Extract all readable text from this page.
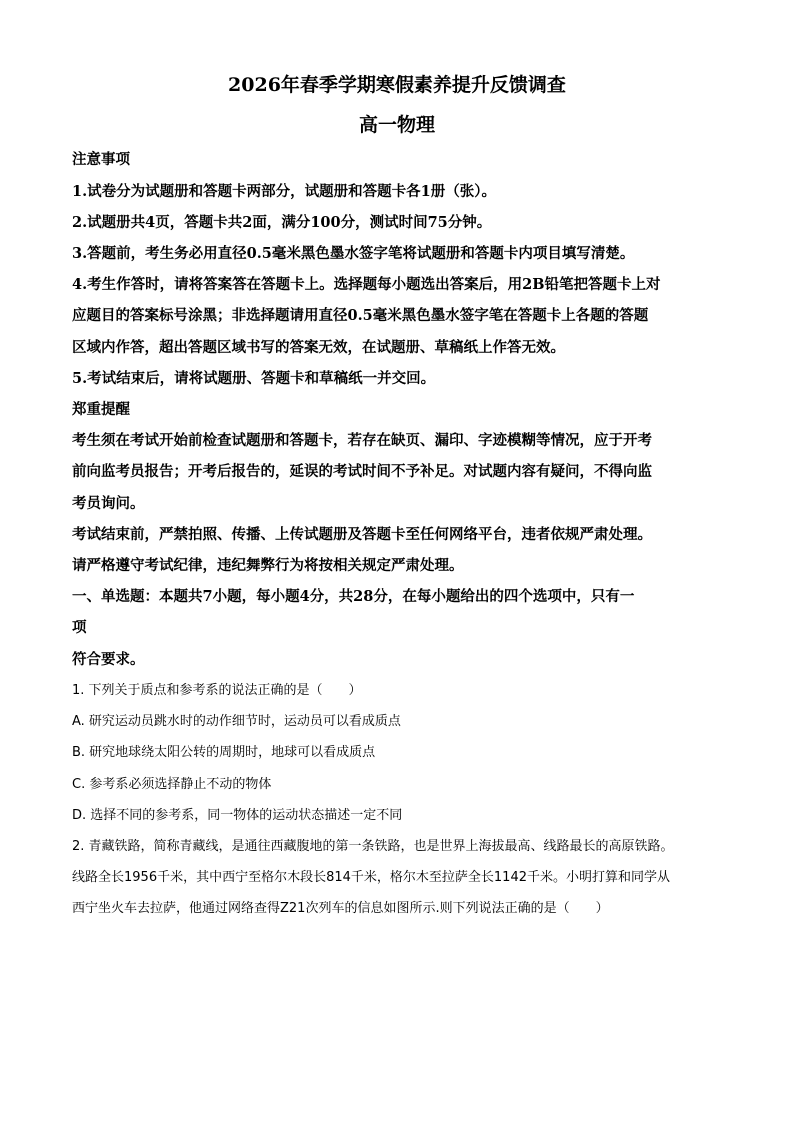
2026年春季学期寒假素养提升反馈调查
高一物理
注意事项
1.试卷分为试题册和答题卡两部分，试题册和答题卡各1册（张）。
2.试题册共4页，答题卡共2面，满分100分，测试时间75分钟。
3.答题前，考生务必用直径0.5毫米黑色墨水签字笔将试题册和答题卡内项目填写清楚。
4.考生作答时，请将答案答在答题卡上。选择题每小题选出答案后，用2B铅笔把答题卡上对
应题目的答案标号涂黑；非选择题请用直径0.5毫米黑色墨水签字笔在答题卡上各题的答题
区域内作答，超出答题区域书写的答案无效，在试题册、草稿纸上作答无效。
5.考试结束后，请将试题册、答题卡和草稿纸一并交回。
郑重提醒
考生须在考试开始前检查试题册和答题卡，若存在缺页、漏印、字迹模糊等情况，应于开考
前向监考员报告；开考后报告的，延误的考试时间不予补足。对试题内容有疑问，不得向监
考员询问。
考试结束前，严禁拍照、传播、上传试题册及答题卡至任何网络平台，违者依规严肃处理。
请严格遵守考试纪律，违纪舞弊行为将按相关规定严肃处理。
一、单选题：本题共7小题，每小题4分，共28分，在每小题给出的四个选项中，只有一
项
符合要求。
1. 下列关于质点和参考系的说法正确的是（　　）
A. 研究运动员跳水时的动作细节时，运动员可以看成质点
B. 研究地球绕太阳公转的周期时，地球可以看成质点
C. 参考系必须选择静止不动的物体
D. 选择不同的参考系，同一物体的运动状态描述一定不同
2. 青藏铁路，简称青藏线，是通往西藏腹地的第一条铁路，也是世界上海拔最高、线路最长的高原铁路。
线路全长1956千米，其中西宁至格尔木段长814千米，格尔木至拉萨全长1142千米。小明打算和同学从
西宁坐火车去拉萨，他通过网络查得Z21次列车的信息如图所示.则下列说法正确的是（　　）
